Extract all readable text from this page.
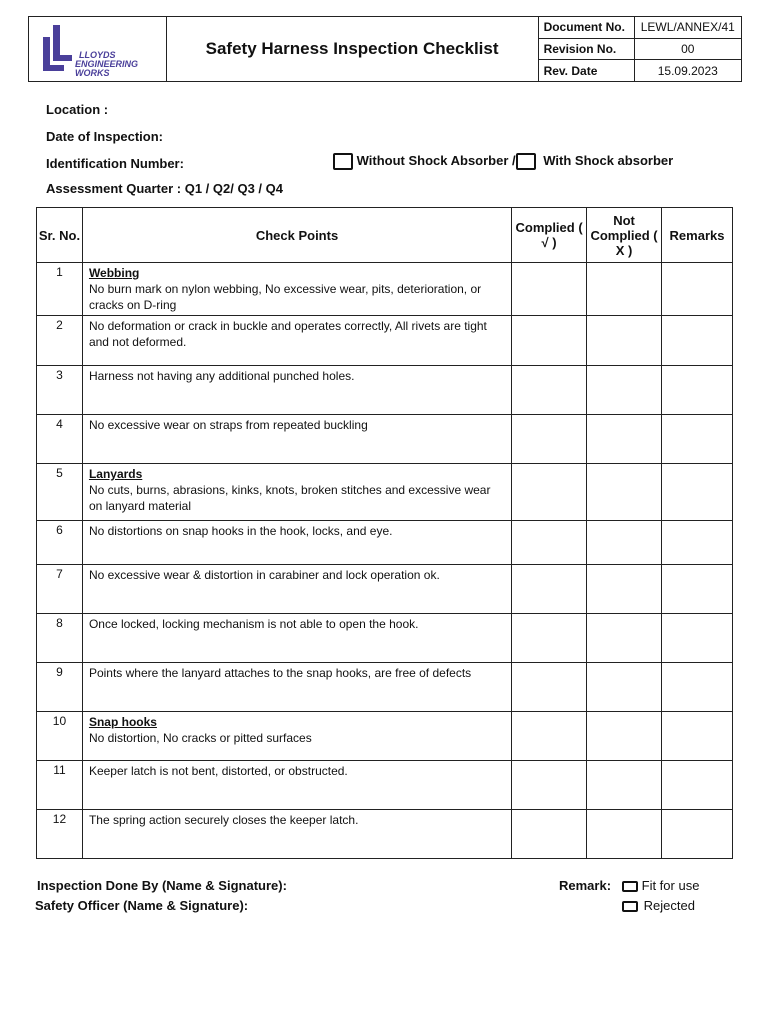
LLOYDS
ENGINEERING
WORKS
Safety Harness Inspection Checklist
Document No.	LEWL/ANNEX/41
Revision No.	00
Rev. Date	15.09.2023
Location :
Date of Inspection:
Identification Number:	Without Shock Absorber / With Shock absorber
Assessment Quarter : Q1 / Q2/ Q3 / Q4
Sr. No.	Check Points	Complied ( √ )	Not Complied ( X )	Remarks
1	Webbing
No burn mark on nylon webbing, No excessive wear, pits, deterioration, or cracks on D-ring			
2	No deformation or crack in buckle and operates correctly, All rivets are tight and not deformed.			
3	Harness not having any additional punched holes.			
4	No excessive wear on straps from repeated buckling			
5	Lanyards
No cuts, burns, abrasions, kinks, knots, broken stitches and excessive wear on lanyard material			
6	No distortions on snap hooks in the hook, locks, and eye.			
7	No excessive wear & distortion in carabiner and lock operation ok.			
8	Once locked, locking mechanism is not able to open the hook.			
9	Points where the lanyard attaches to the snap hooks, are free of defects			
10	Snap hooks
No distortion, No cracks or pitted surfaces			
11	Keeper latch is not bent, distorted, or obstructed.			
12	The spring action securely closes the keeper latch.			
Inspection Done By (Name & Signature):
Safety Officer (Name & Signature):
Remark:	Fit for use
Rejected
